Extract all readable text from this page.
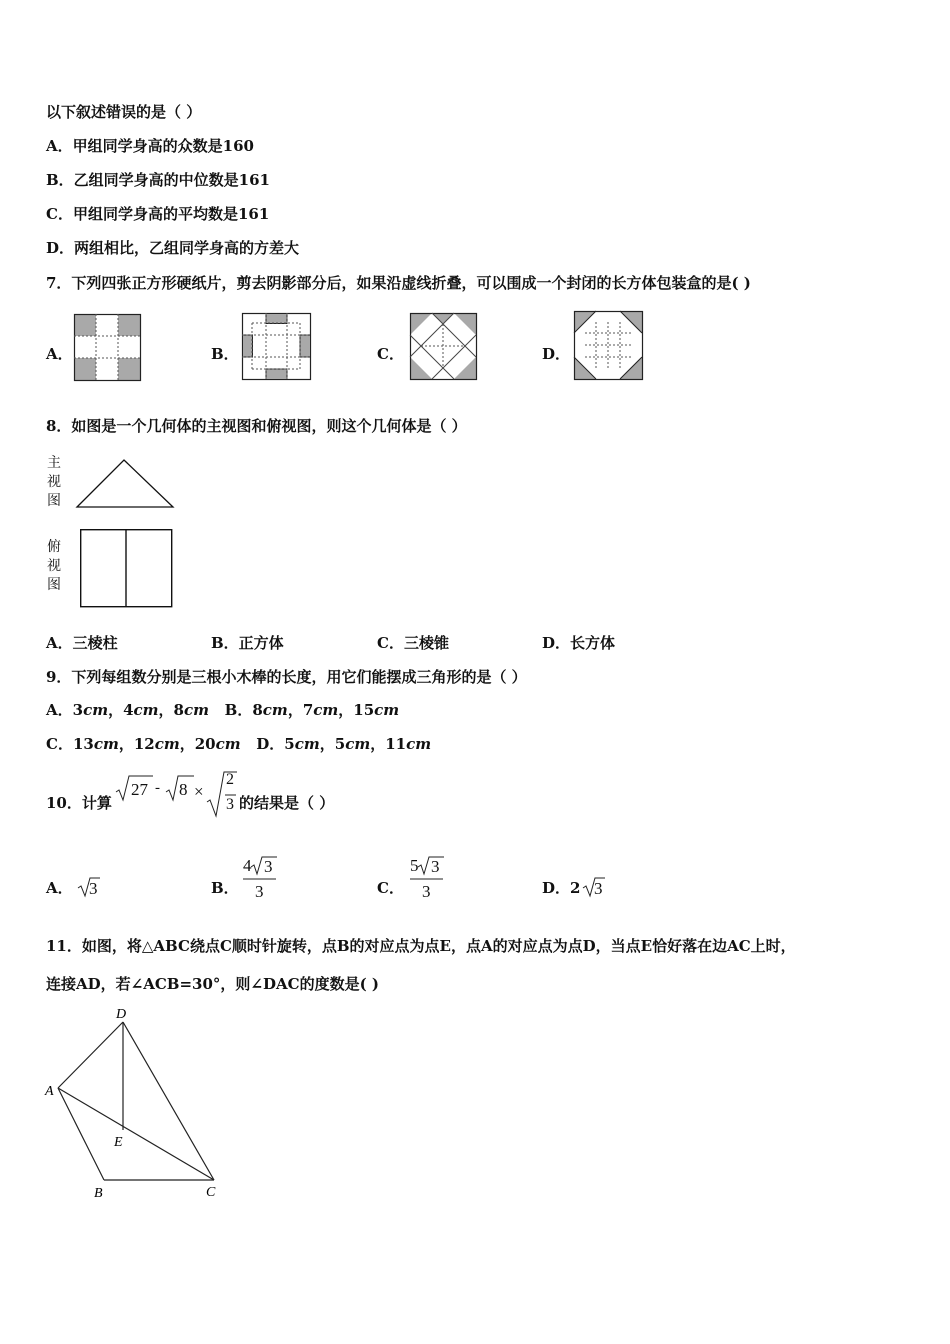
以下叙述错误的是（ ）
A．甲组同学身高的众数是160
B．乙组同学身高的中位数是161
C．甲组同学身高的平均数是161
D．两组相比，乙组同学身高的方差大
7．下列四张正方形硬纸片，剪去阴影部分后，如果沿虚线折叠，可以围成一个封闭的长方体包装盒的是( )
A．	B．	C．	D．
8．如图是一个几何体的主视图和俯视图，则这个几何体是（ ）
主
视
图
俯
视
图
A．三棱柱	B．正方体	C．三棱锥	D．长方体
9．下列每组数分别是三根小木棒的长度，用它们能摆成三角形的是（ ）
A．3cm，4cm，8cm B．8cm，7cm，15cm
C．13cm，12cm，20cm D．5cm，5cm，11cm
10．计算
27 - 8 ×
2
3 的结果是（ ）
A． 3	B．
4 3
3	C．
5 3
3	D．2 3
11．如图，将△ABC绕点C顺时针旋转，点B的对应点为点E，点A的对应点为点D，当点E恰好落在边AC上时，
连接AD，若∠ACB=30°，则∠DAC的度数是( )
D
A
E
B	C
